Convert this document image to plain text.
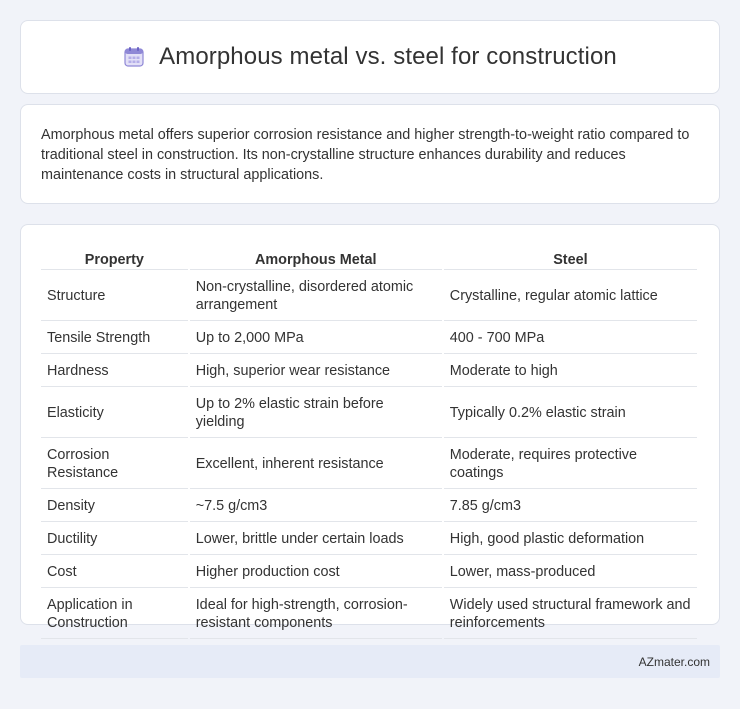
Amorphous metal vs. steel for construction

Amorphous metal offers superior corrosion resistance and higher strength-to-weight ratio compared to traditional steel in construction. Its non-crystalline structure enhances durability and reduces maintenance costs in structural applications.

Property	Amorphous Metal	Steel
Structure	Non-crystalline, disordered atomic arrangement	Crystalline, regular atomic lattice
Tensile Strength	Up to 2,000 MPa	400 - 700 MPa
Hardness	High, superior wear resistance	Moderate to high
Elasticity	Up to 2% elastic strain before yielding	Typically 0.2% elastic strain
Corrosion Resistance	Excellent, inherent resistance	Moderate, requires protective coatings
Density	~7.5 g/cm3	7.85 g/cm3
Ductility	Lower, brittle under certain loads	High, good plastic deformation
Cost	Higher production cost	Lower, mass-produced
Application in Construction	Ideal for high-strength, corrosion-resistant components	Widely used structural framework and reinforcements
AZmater.com
